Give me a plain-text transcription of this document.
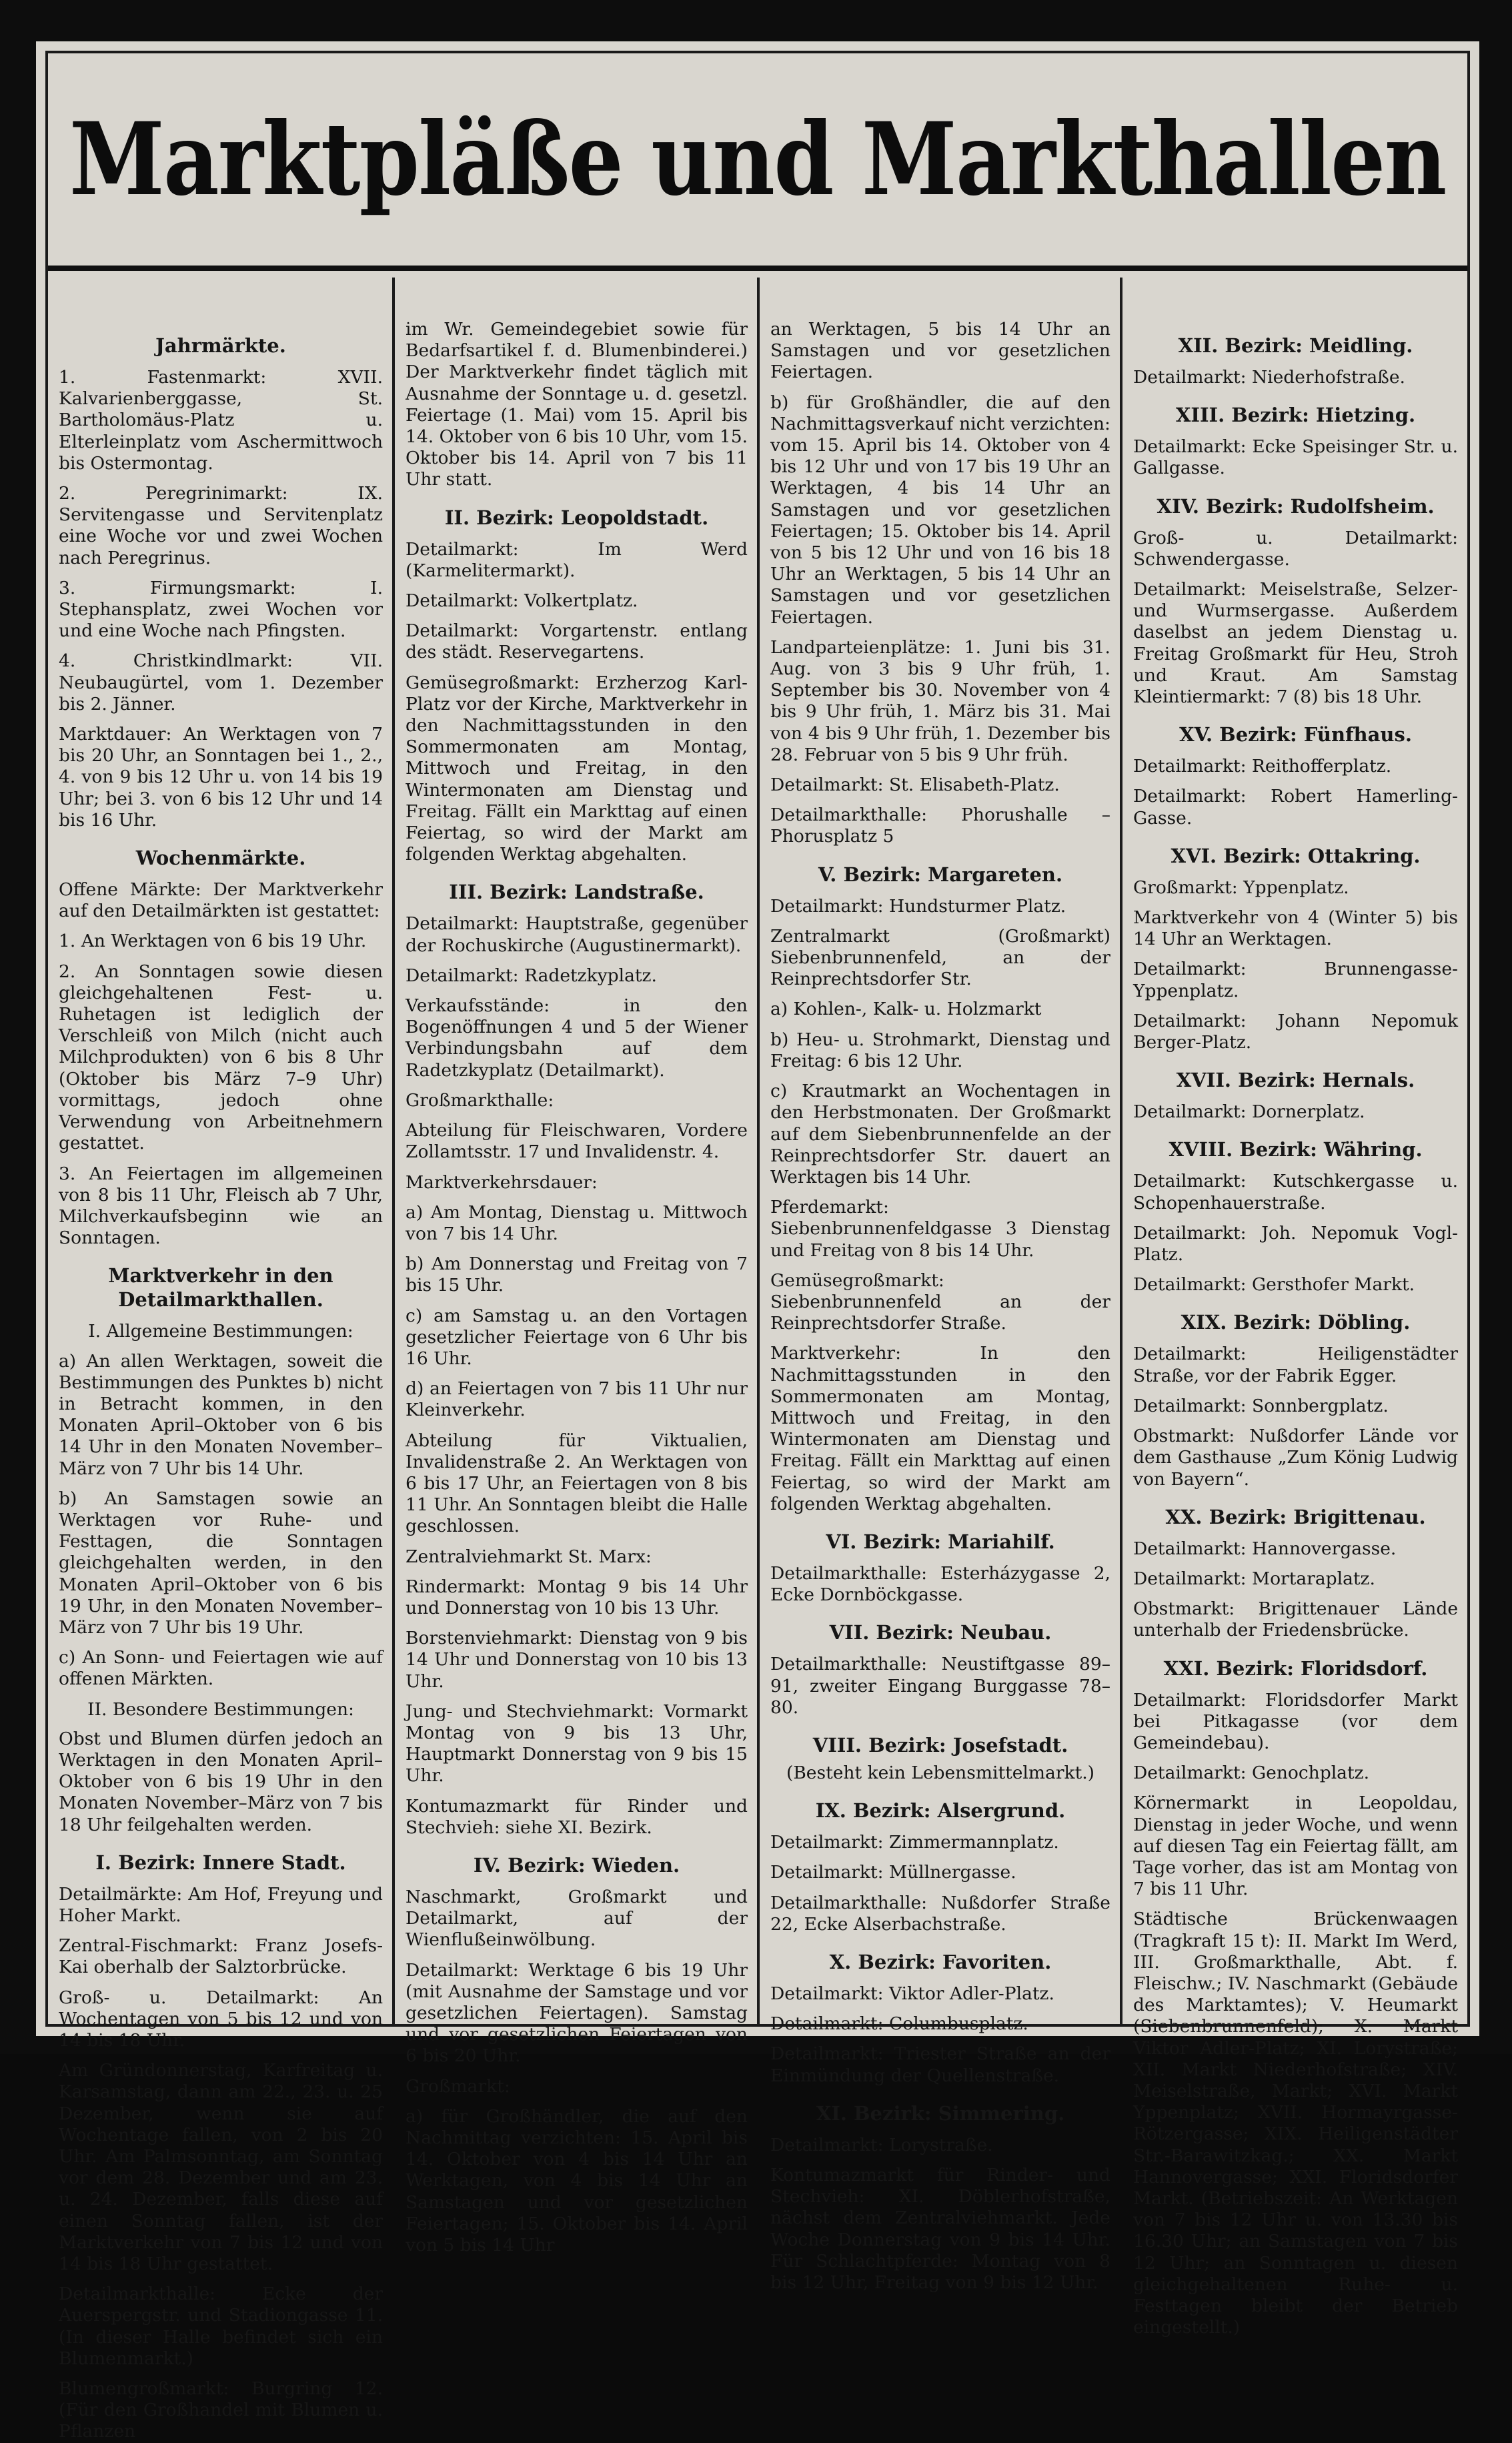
Marktpläße und Markthallen
Jahrmärkte.
1. Fastenmarkt: XVII. Kalvarienberggasse, St. Bartholomäus-Platz u. Elterleinplatz vom Aschermittwoch bis Ostermontag.
2. Peregrinimarkt: IX. Servitengasse und Servitenplatz eine Woche vor und zwei Wochen nach Peregrinus.
3. Firmungsmarkt: I. Stephansplatz, zwei Wochen vor und eine Woche nach Pfingsten.
4. Christkindlmarkt: VII. Neubaugürtel, vom 1. Dezember bis 2. Jänner.
Marktdauer: An Werktagen von 7 bis 20 Uhr, an Sonntagen bei 1., 2., 4. von 9 bis 12 Uhr u. von 14 bis 19 Uhr; bei 3. von 6 bis 12 Uhr und 14 bis 16 Uhr.
Wochenmärkte.
Offene Märkte: Der Marktverkehr auf den Detailmärkten ist gestattet:
1. An Werktagen von 6 bis 19 Uhr.
2. An Sonntagen sowie diesen gleichgehaltenen Fest- u. Ruhetagen ist lediglich der Verschleiß von Milch (nicht auch Milchprodukten) von 6 bis 8 Uhr (Oktober bis März 7–9 Uhr) vormittags, jedoch ohne Verwendung von Arbeitnehmern gestattet.
3. An Feiertagen im allgemeinen von 8 bis 11 Uhr, Fleisch ab 7 Uhr, Milchverkaufsbeginn wie an Sonntagen.
Marktverkehr in den Detailmarkthallen.
I. Allgemeine Bestimmungen:
a) An allen Werktagen, soweit die Bestimmungen des Punktes b) nicht in Betracht kommen, in den Monaten April–Oktober von 6 bis 14 Uhr in den Monaten November–März von 7 Uhr bis 14 Uhr.
b) An Samstagen sowie an Werktagen vor Ruhe- und Festtagen, die Sonntagen gleichgehalten werden, in den Monaten April–Oktober von 6 bis 19 Uhr, in den Monaten November–März von 7 Uhr bis 19 Uhr.
c) An Sonn- und Feiertagen wie auf offenen Märkten.
II. Besondere Bestimmungen:
Obst und Blumen dürfen jedoch an Werktagen in den Monaten April–Oktober von 6 bis 19 Uhr in den Monaten November–März von 7 bis 18 Uhr feilgehalten werden.
I. Bezirk: Innere Stadt.
Detailmärkte: Am Hof, Freyung und Hoher Markt.
Zentral-Fischmarkt: Franz Josefs-Kai oberhalb der Salztorbrücke.
Groß- u. Detailmarkt: An Wochentagen von 5 bis 12 und von 14 bis 18 Uhr.
Am Gründonnerstag, Karfreitag u. Karsamstag, dann am 22., 23. u. 25 Dezember, wenn sie auf Wochentage fallen, von 2 bis 20 Uhr. Am Palmsonntag, am Sonntag vor dem 28. Dezember und am 23. u. 24. Dezember, falls diese auf einen Sonntag fallen, ist der Marktverkehr von 7 bis 12 und von 14 bis 18 Uhr gestattet.
Detailmarkthalle: Ecke der Auerspergstr. und Stadiongasse 11. (In dieser Halle befindet sich ein Blumenmarkt.)
Blumengroßmarkt: Burgring 12. (Für den Großhandel mit Blumen u. Pflanzen
im Wr. Gemeindegebiet sowie für Bedarfsartikel f. d. Blumenbinderei.) Der Marktverkehr findet täglich mit Ausnahme der Sonntage u. d. gesetzl. Feiertage (1. Mai) vom 15. April bis 14. Oktober von 6 bis 10 Uhr, vom 15. Oktober bis 14. April von 7 bis 11 Uhr statt.
II. Bezirk: Leopoldstadt.
Detailmarkt: Im Werd (Karmelitermarkt).
Detailmarkt: Volkertplatz.
Detailmarkt: Vorgartenstr. entlang des städt. Reservegartens.
Gemüsegroßmarkt: Erzherzog Karl-Platz vor der Kirche, Marktverkehr in den Nachmittagsstunden in den Sommermonaten am Montag, Mittwoch und Freitag, in den Wintermonaten am Dienstag und Freitag. Fällt ein Markttag auf einen Feiertag, so wird der Markt am folgenden Werktag abgehalten.
III. Bezirk: Landstraße.
Detailmarkt: Hauptstraße, gegenüber der Rochuskirche (Augustinermarkt).
Detailmarkt: Radetzkyplatz.
Verkaufsstände: in den Bogenöffnungen 4 und 5 der Wiener Verbindungsbahn auf dem Radetzkyplatz (Detailmarkt).
Großmarkthalle:
Abteilung für Fleischwaren, Vordere Zollamtsstr. 17 und Invalidenstr. 4.
Marktverkehrsdauer:
a) Am Montag, Dienstag u. Mittwoch von 7 bis 14 Uhr.
b) Am Donnerstag und Freitag von 7 bis 15 Uhr.
c) am Samstag u. an den Vortagen gesetzlicher Feiertage von 6 Uhr bis 16 Uhr.
d) an Feiertagen von 7 bis 11 Uhr nur Kleinverkehr.
Abteilung für Viktualien, Invalidenstraße 2. An Werktagen von 6 bis 17 Uhr, an Feiertagen von 8 bis 11 Uhr. An Sonntagen bleibt die Halle geschlossen.
Zentralviehmarkt St. Marx:
Rindermarkt: Montag 9 bis 14 Uhr und Donnerstag von 10 bis 13 Uhr.
Borstenviehmarkt: Dienstag von 9 bis 14 Uhr und Donnerstag von 10 bis 13 Uhr.
Jung- und Stechviehmarkt: Vormarkt Montag von 9 bis 13 Uhr, Hauptmarkt Donnerstag von 9 bis 15 Uhr.
Kontumazmarkt für Rinder und Stechvieh: siehe XI. Bezirk.
IV. Bezirk: Wieden.
Naschmarkt, Großmarkt und Detailmarkt, auf der Wienflußeinwölbung.
Detailmarkt: Werktage 6 bis 19 Uhr (mit Ausnahme der Samstage und vor gesetzlichen Feiertagen). Samstag und vor gesetzlichen Feiertagen von 6 bis 20 Uhr.
Großmarkt:
a) für Großhändler, die auf den Nachmittag verzichten: 15. April bis 14. Oktober von 4 bis 14 Uhr an Werktagen, von 4 bis 14 Uhr an Samstagen und vor gesetzlichen Feiertagen; 15. Oktober bis 14. April von 5 bis 14 Uhr
an Werktagen, 5 bis 14 Uhr an Samstagen und vor gesetzlichen Feiertagen.
b) für Großhändler, die auf den Nachmittagsverkauf nicht verzichten: vom 15. April bis 14. Oktober von 4 bis 12 Uhr und von 17 bis 19 Uhr an Werktagen, 4 bis 14 Uhr an Samstagen und vor gesetzlichen Feiertagen; 15. Oktober bis 14. April von 5 bis 12 Uhr und von 16 bis 18 Uhr an Werktagen, 5 bis 14 Uhr an Samstagen und vor gesetzlichen Feiertagen.
Landparteienplätze: 1. Juni bis 31. Aug. von 3 bis 9 Uhr früh, 1. September bis 30. November von 4 bis 9 Uhr früh, 1. März bis 31. Mai von 4 bis 9 Uhr früh, 1. Dezember bis 28. Februar von 5 bis 9 Uhr früh.
Detailmarkt: St. Elisabeth-Platz.
Detailmarkthalle: Phorushalle – Phorusplatz 5
V. Bezirk: Margareten.
Detailmarkt: Hundsturmer Platz.
Zentralmarkt (Großmarkt) Siebenbrunnenfeld, an der Reinprechtsdorfer Str.
a) Kohlen-, Kalk- u. Holzmarkt
b) Heu- u. Strohmarkt, Dienstag und Freitag: 6 bis 12 Uhr.
c) Krautmarkt an Wochentagen in den Herbstmonaten. Der Großmarkt auf dem Siebenbrunnenfelde an der Reinprechtsdorfer Str. dauert an Werktagen bis 14 Uhr.
Pferdemarkt: Siebenbrunnenfeldgasse 3 Dienstag und Freitag von 8 bis 14 Uhr.
Gemüsegroßmarkt: Siebenbrunnenfeld an der Reinprechtsdorfer Straße.
Marktverkehr: In den Nachmittagsstunden in den Sommermonaten am Montag, Mittwoch und Freitag, in den Wintermonaten am Dienstag und Freitag. Fällt ein Markttag auf einen Feiertag, so wird der Markt am folgenden Werktag abgehalten.
VI. Bezirk: Mariahilf.
Detailmarkthalle: Esterházygasse 2, Ecke Dornböckgasse.
VII. Bezirk: Neubau.
Detailmarkthalle: Neustiftgasse 89–91, zweiter Eingang Burggasse 78–80.
VIII. Bezirk: Josefstadt.
(Besteht kein Lebensmittelmarkt.)
IX. Bezirk: Alsergrund.
Detailmarkt: Zimmermannplatz.
Detailmarkt: Müllnergasse.
Detailmarkthalle: Nußdorfer Straße 22, Ecke Alserbachstraße.
X. Bezirk: Favoriten.
Detailmarkt: Viktor Adler-Platz.
Detailmarkt: Columbusplatz.
Detailmarkt: Triester Straße an der Einmündung der Quellenstraße.
XI. Bezirk: Simmering.
Detailmarkt: Lorystraße.
Kontumazmarkt für Rinder- und Stechvieh: XI. Döblerhofstraße, nächst dem Zentralviehmarkt. Jede Woche Donnerstag von 9 bis 14 Uhr. Für Schlachtpferde: Montag von 8 bis 12 Uhr, Freitag von 9 bis 12 Uhr.
XII. Bezirk: Meidling.
Detailmarkt: Niederhofstraße.
XIII. Bezirk: Hietzing.
Detailmarkt: Ecke Speisinger Str. u. Gallgasse.
XIV. Bezirk: Rudolfsheim.
Groß- u. Detailmarkt: Schwendergasse.
Detailmarkt: Meiselstraße, Selzer- und Wurmsergasse. Außerdem daselbst an jedem Dienstag u. Freitag Großmarkt für Heu, Stroh und Kraut. Am Samstag Kleintiermarkt: 7 (8) bis 18 Uhr.
XV. Bezirk: Fünfhaus.
Detailmarkt: Reithofferplatz.
Detailmarkt: Robert Hamerling-Gasse.
XVI. Bezirk: Ottakring.
Großmarkt: Yppenplatz.
Marktverkehr von 4 (Winter 5) bis 14 Uhr an Werktagen.
Detailmarkt: Brunnengasse-Yppenplatz.
Detailmarkt: Johann Nepomuk Berger-Platz.
XVII. Bezirk: Hernals.
Detailmarkt: Dornerplatz.
XVIII. Bezirk: Währing.
Detailmarkt: Kutschkergasse u. Schopenhauerstraße.
Detailmarkt: Joh. Nepomuk Vogl-Platz.
Detailmarkt: Gersthofer Markt.
XIX. Bezirk: Döbling.
Detailmarkt: Heiligenstädter Straße, vor der Fabrik Egger.
Detailmarkt: Sonnbergplatz.
Obstmarkt: Nußdorfer Lände vor dem Gasthause „Zum König Ludwig von Bayern“.
XX. Bezirk: Brigittenau.
Detailmarkt: Hannovergasse.
Detailmarkt: Mortaraplatz.
Obstmarkt: Brigittenauer Lände unterhalb der Friedensbrücke.
XXI. Bezirk: Floridsdorf.
Detailmarkt: Floridsdorfer Markt bei Pitkagasse (vor dem Gemeindebau).
Detailmarkt: Genochplatz.
Körnermarkt in Leopoldau, Dienstag in jeder Woche, und wenn auf diesen Tag ein Feiertag fällt, am Tage vorher, das ist am Montag von 7 bis 11 Uhr.
Städtische Brückenwaagen (Tragkraft 15 t): II. Markt Im Werd, III. Großmarkthalle, Abt. f. Fleischw.; IV. Naschmarkt (Gebäude des Marktamtes); V. Heumarkt (Siebenbrunnenfeld); X. Markt Viktor Adler-Platz; XI. Lorystraße; XII. Markt Niederhofstraße; XIV. Meiselstraße, Markt; XVI. Markt Yppenplatz; XVII. Hormayrgasse-Rötzergasse; XIX. Heiligenstädter Str.-Barawitzkag.; XX. Markt Hannovergasse; XXI. Floridsdorfer Markt. (Betriebszeit: An Werktagen von 7 bis 12 Uhr u. von 13.30 bis 16.30 Uhr; an Samstagen von 7 bis 12 Uhr; an Sonntagen u. diesen gleichgehaltenen Ruhe- u. Festtagen bleibt der Betrieb eingestellt.)
